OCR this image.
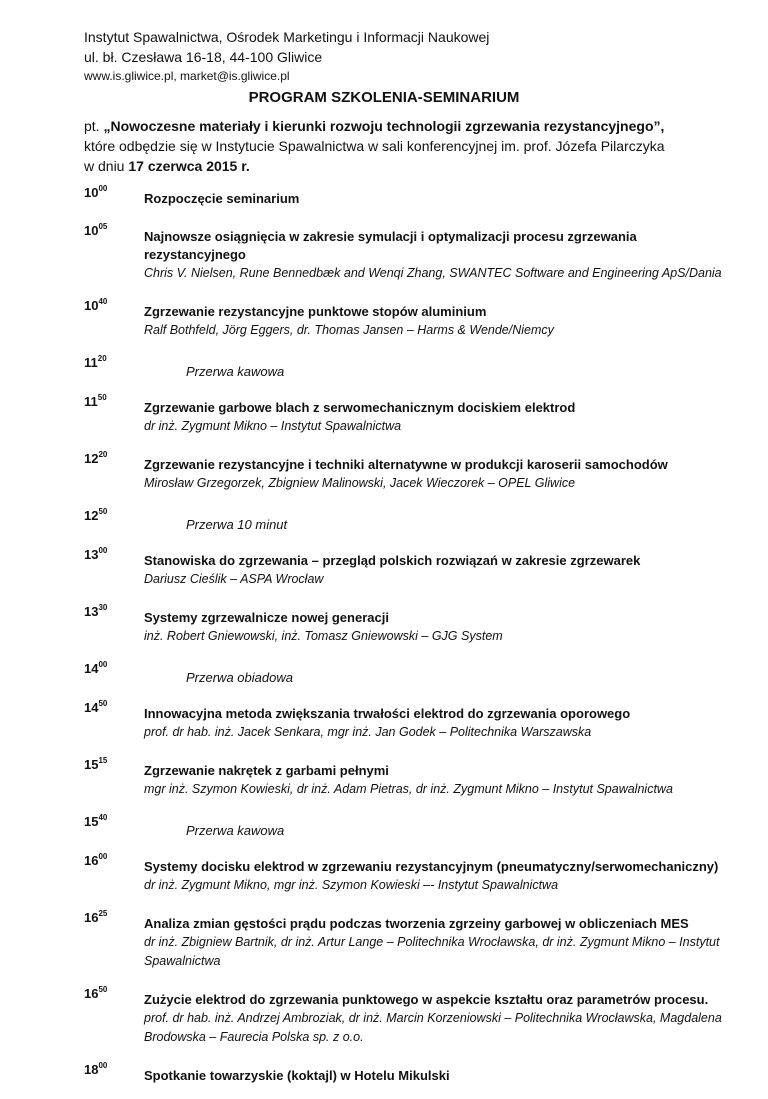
Instytut Spawalnictwa, Ośrodek Marketingu i Informacji Naukowej
ul. bł. Czesława 16-18, 44-100 Gliwice
www.is.gliwice.pl, market@is.gliwice.pl
PROGRAM SZKOLENIA-SEMINARIUM
pt. „Nowoczesne materiały i kierunki rozwoju technologii zgrzewania rezystancyjnego”,
które odbędzie się w Instytucie Spawalnictwa w sali konferencyjnej im. prof. Józefa Pilarczyka
w dniu 17 czerwca 2015 r.
$10^{00}$
Rozpoczęcie seminarium
$10^{05}$
Najnowsze osiągnięcia w zakresie symulacji i optymalizacji procesu zgrzewania rezystancyjnego
Chris V. Nielsen, Rune Bennedbæk and Wenqi Zhang, SWANTEC Software and Engineering ApS/Dania
$10^{40}$
Zgrzewanie rezystancyjne punktowe stopów aluminium
Ralf Bothfeld, Jörg Eggers, dr. Thomas Jansen – Harms & Wende/Niemcy
$11^{20}$
Przerwa kawowa
$11^{50}$
Zgrzewanie garbowe blach z serwomechanicznym dociskiem elektrod
dr inż. Zygmunt Mikno – Instytut Spawalnictwa
$12^{20}$
Zgrzewanie rezystancyjne i techniki alternatywne w produkcji karoserii samochodów
Mirosław Grzegorzek, Zbigniew Malinowski, Jacek Wieczorek – OPEL Gliwice
$12^{50}$
Przerwa 10 minut
$13^{00}$
Stanowiska do zgrzewania – przegląd polskich rozwiązań w zakresie zgrzewarek
Dariusz Cieślik – ASPA Wrocław
$13^{30}$
Systemy zgrzewalnicze nowej generacji
inż. Robert Gniewowski, inż. Tomasz Gniewowski – GJG System
$14^{00}$
Przerwa obiadowa
$14^{50}$
Innowacyjna metoda zwiększania trwałości elektrod do zgrzewania oporowego
prof. dr hab. inż. Jacek Senkara, mgr inż. Jan Godek – Politechnika Warszawska
$15^{15}$
Zgrzewanie nakrętek z garbami pełnymi
mgr inż. Szymon Kowieski, dr inż. Adam Pietras, dr inż. Zygmunt Mikno – Instytut Spawalnictwa
$15^{40}$
Przerwa kawowa
$16^{00}$
Systemy docisku elektrod w zgrzewaniu rezystancyjnym (pneumatyczny/serwomechaniczny)
dr inż. Zygmunt Mikno, mgr inż. Szymon Kowieski –- Instytut Spawalnictwa
$16^{25}$
Analiza zmian gęstości prądu podczas tworzenia zgrzeiny garbowej w obliczeniach MES
dr inż. Zbigniew Bartnik, dr inż. Artur Lange – Politechnika Wrocławska, dr inż. Zygmunt Mikno – Instytut Spawalnictwa
$16^{50}$
Zużycie elektrod do zgrzewania punktowego w aspekcie kształtu oraz parametrów procesu.
prof. dr hab. inż. Andrzej Ambroziak, dr inż. Marcin Korzeniowski – Politechnika Wrocławska, Magdalena Brodowska – Faurecia Polska sp. z o.o.
$18^{00}$
Spotkanie towarzyskie (koktajl) w Hotelu Mikulski
